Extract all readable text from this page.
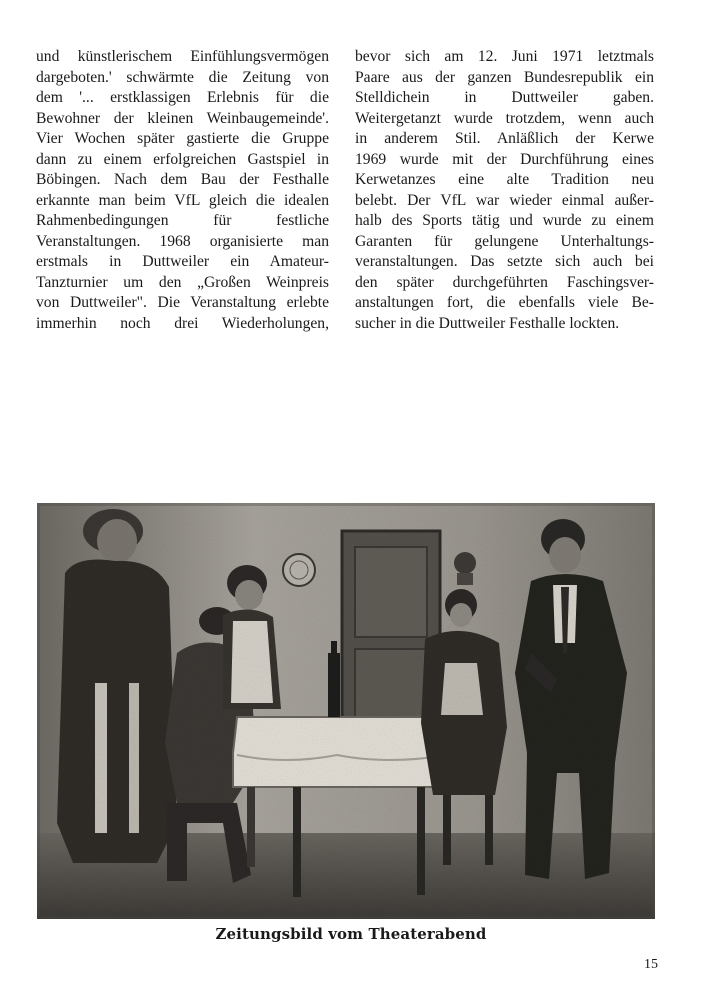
und künstlerischem Einfühlungsvermögen
dargeboten.' schwärmte die Zeitung von
dem '... erstklassigen Erlebnis für die
Bewohner der kleinen Weinbaugemeinde'.
Vier Wochen später gastierte die Gruppe
dann zu einem erfolgreichen Gastspiel in
Böbingen. Nach dem Bau der Festhalle
erkannte man beim VfL gleich die idealen
Rahmenbedingungen für festliche
Veranstaltungen. 1968 organisierte man
erstmals in Duttweiler ein Amateur-
Tanzturnier um den „Großen Weinpreis
von Duttweiler". Die Veranstaltung erlebte
immerhin noch drei Wiederholungen,
bevor sich am 12. Juni 1971 letztmals
Paare aus der ganzen Bundesrepublik ein
Stelldichein in Duttweiler gaben.
Weitergetanzt wurde trotzdem, wenn auch
in anderem Stil. Anläßlich der Kerwe
1969 wurde mit der Durchführung eines
Kerwetanzes eine alte Tradition neu
belebt. Der VfL war wieder einmal außer-
halb des Sports tätig und wurde zu einem
Garanten für gelungene Unterhaltungs-
veranstaltungen. Das setzte sich auch bei
den später durchgeführten Faschingsver-
anstaltungen fort, die ebenfalls viele Be-
sucher in die Duttweiler Festhalle lockten.
Zeitungsbild vom Theaterabend
15
